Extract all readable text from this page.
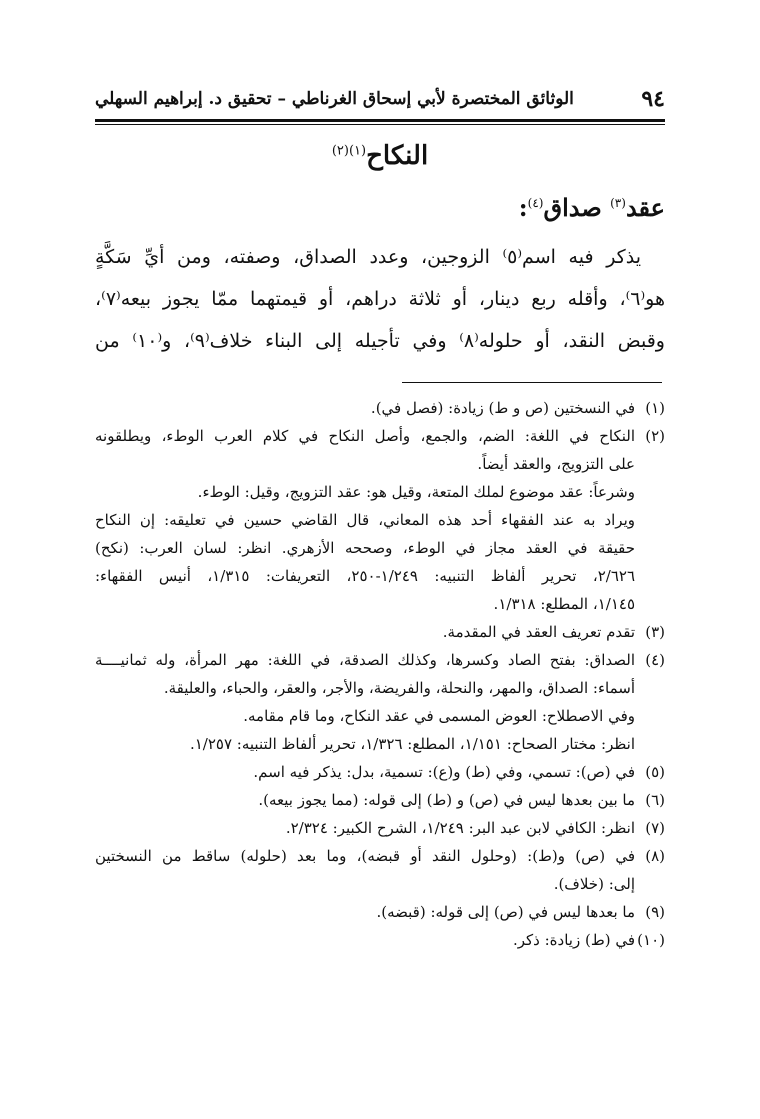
٩٤
الوثائق المختصرة لأبي إسحاق الغرناطي – تحقيق د. إبراهيم السهلي
النكاح$^{(١)(٢)}$
عقد$^{(٣)}$ صداق$^{(٤)}$:
يذكر فيه اسم⁽٥⁾ الزوجين، وعدد الصداق، وصفته، ومن أيِّ سَكَّةٍ
هو⁽٦⁾، وأقله ربع دينار، أو ثلاثة دراهم، أو قيمتهما ممّا يجوز بيعه⁽٧⁾،
وقبض النقد، أو حلوله⁽٨⁾ وفي تأجيله إلى البناء خلاف⁽٩⁾، و⁽١٠⁾ من
(١)في النسختين (ص و ط) زيادة: (فصل في).
(٢)النكاح في اللغة: الضم، والجمع، وأصل النكاح في كلام العرب الوطء، ويطلقونه
على التزويج، والعقد أيضاً.
وشرعاً: عقد موضوع لملك المتعة، وقيل هو: عقد التزويج، وقيل: الوطء.
ويراد به عند الفقهاء أحد هذه المعاني، قال القاضي حسين في تعليقه: إن النكاح
حقيقة في العقد مجاز في الوطء، وصححه الأزهري. انظر: لسان العرب: (نكح)
٢/٦٢٦، تحرير ألفاظ التنبيه: ١/٢٤٩-٢٥٠، التعريفات: ١/٣١٥، أنيس الفقهاء:
١/١٤٥، المطلع: ١/٣١٨.
(٣)تقدم تعريف العقد في المقدمة.
(٤)الصداق: بفتح الصاد وكسرها، وكذلك الصدقة، في اللغة: مهر المرأة، وله ثمانيــــة
أسماء: الصداق، والمهر، والنحلة، والفريضة، والأجر، والعقر، والحباء، والعليقة.
وفي الاصطلاح: العوض المسمى في عقد النكاح، وما قام مقامه.
انظر: مختار الصحاح: ١/١٥١، المطلع: ١/٣٢٦، تحرير ألفاظ التنبيه: ١/٢٥٧.
(٥)في (ص): تسمي، وفي (ط) و(ع): تسمية، بدل: يذكر فيه اسم.
(٦)ما بين بعدها ليس في (ص) و (ط) إلى قوله: (مما يجوز بيعه).
(٧)انظر: الكافي لابن عبد البر: ١/٢٤٩، الشرح الكبير: ٢/٣٢٤.
(٨)في (ص) و(ط): (وحلول النقد أو قبضه)، وما بعد (حلوله) ساقط من النسختين
إلى: (خلاف).
(٩)ما بعدها ليس في (ص) إلى قوله: (قبضه).
(١٠)في (ط) زيادة: ذكر.
